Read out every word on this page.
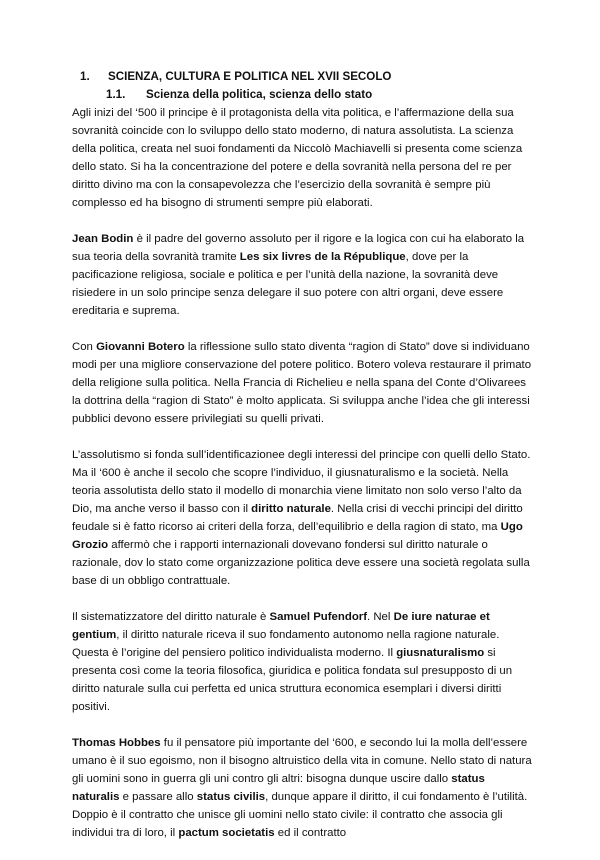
1. SCIENZA, CULTURA E POLITICA NEL XVII SECOLO
1.1. Scienza della politica, scienza dello stato

Agli inizi del ‘500 il principe è il protagonista della vita politica, e l’affermazione della sua sovranità coincide con lo sviluppo dello stato moderno, di natura assolutista. La scienza della politica, creata nel suoi fondamenti da Niccolò Machiavelli si presenta come scienza dello stato. Si ha la concentrazione del potere e della sovranità nella persona del re per diritto divino ma con la consapevolezza che l’esercizio della sovranità è sempre più complesso ed ha bisogno di strumenti sempre più elaborati.

Jean Bodin è il padre del governo assoluto per il rigore e la logica con cui ha elaborato la sua teoria della sovranità tramite Les six livres de la République, dove per la pacificazione religiosa, sociale e politica e per l’unità della nazione, la sovranità deve risiedere in un solo principe senza delegare il suo potere con altri organi, deve essere ereditaria e suprema.

Con Giovanni Botero la riflessione sullo stato diventa “ragion di Stato” dove si individuano modi per una migliore conservazione del potere politico. Botero voleva restaurare il primato della religione sulla politica. Nella Francia di Richelieu e nella spana del Conte d’Olivarees la dottrina della “ragion di Stato” è molto applicata. Si sviluppa anche l’idea che gli interessi pubblici devono essere privilegiati su quelli privati.

L’assolutismo si fonda sull’identificazionee degli interessi del principe con quelli dello Stato. Ma il ‘600 è anche il secolo che scopre l’individuo, il giusnaturalismo e la società. Nella teoria assolutista dello stato il modello di monarchia viene limitato non solo verso l’alto da Dio, ma anche verso il basso con il diritto naturale. Nella crisi di vecchi principi del diritto feudale si è fatto ricorso ai criteri della forza, dell’equilibrio e della ragion di stato, ma Ugo Grozio affermò che i rapporti internazionali dovevano fondersi sul diritto naturale o razionale, dov lo stato come organizzazione politica deve essere una società regolata sulla base di un obbligo contrattuale.

Il sistematizzatore del diritto naturale è Samuel Pufendorf. Nel De iure naturae et gentium, il diritto naturale riceva il suo fondamento autonomo nella ragione naturale. Questa è l’origine del pensiero politico individualista moderno. Il giusnaturalismo si presenta così come la teoria filosofica, giuridica e politica fondata sul presupposto di un diritto naturale sulla cui perfetta ed unica struttura economica esemplari i diversi diritti positivi.

Thomas Hobbes fu il pensatore più importante del ‘600, e secondo lui la molla dell’essere umano è il suo egoismo, non il bisogno altruistico della vita in comune. Nello stato di natura gli uomini sono in guerra gli uni contro gli altri: bisogna dunque uscire dallo status naturalis e passare allo status civilis, dunque appare il diritto, il cui fondamento è l’utilità. Doppio è il contratto che unisce gli uomini nello stato civile: il contratto che associa gli individui tra di loro, il pactum societatis ed il contratto
